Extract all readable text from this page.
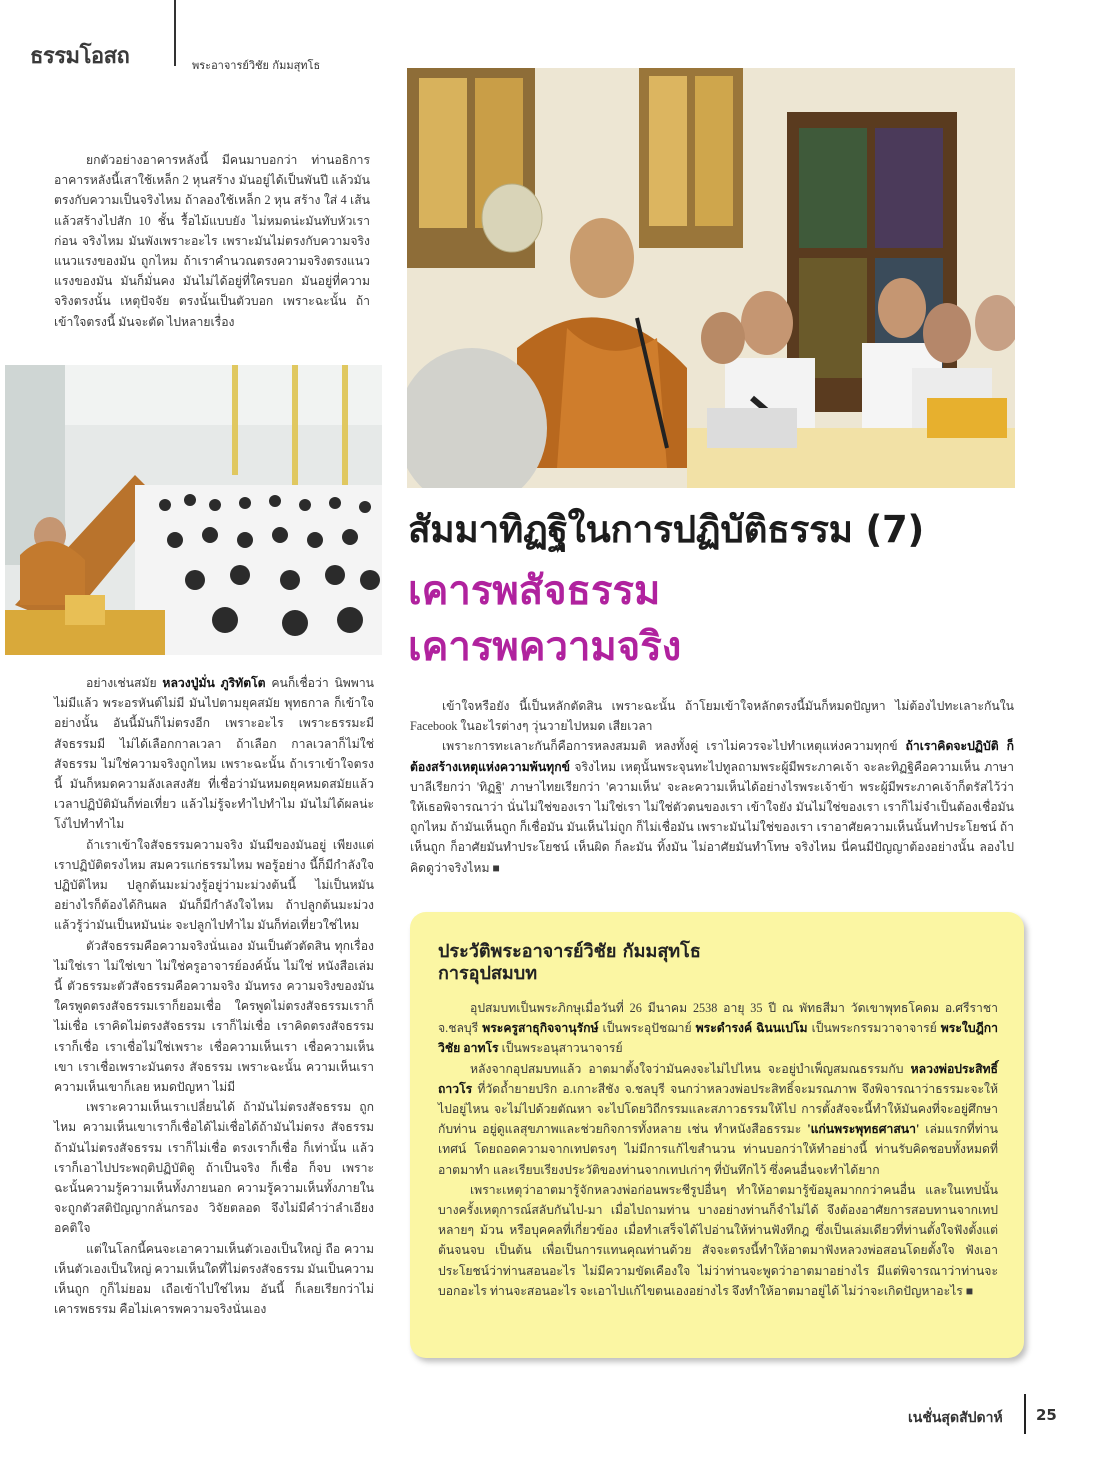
ธรรมโอสถ	พระอาจารย์วิชัย กัมมสุทโธ

ยกตัวอย่างอาคารหลังนี้ มีคนมาบอกว่า ท่านอธิการ อาคารหลังนี้เสาใช้เหล็ก 2 หุนสร้าง มันอยู่ได้เป็นพันปี แล้วมันตรงกับความเป็นจริงไหม ถ้าลองใช้เหล็ก 2 หุน สร้าง ใส่ 4 เส้น แล้วสร้างไปสัก 10 ชั้น รื้อไม้แบบยัง ไม่หมดน่ะมันทับหัวเราก่อน จริงไหม มันพังเพราะอะไร เพราะมันไม่ตรงกับความจริงแนวแรงของมัน ถูกไหม ถ้าเราคำนวณตรงความจริงตรงแนวแรงของมัน มันก็มั่นคง มันไม่ได้อยู่ที่ใครบอก มันอยู่ที่ความจริงตรงนั้น เหตุปัจจัย ตรงนั้นเป็นตัวบอก เพราะฉะนั้น ถ้าเข้าใจตรงนี้ มันจะตัด ไปหลายเรื่อง

สัมมาทิฏฐิในการปฏิบัติธรรม (7)
เคารพสัจธรรม
เคารพความจริง

อย่างเช่นสมัย หลวงปู่มั่น ภูริทัตโต คนก็เชื่อว่า นิพพานไม่มีแล้ว พระอรหันต์ไม่มี มันไปตามยุคสมัย พุทธกาล ก็เข้าใจอย่างนั้น อันนี้มันก็ไม่ตรงอีก เพราะอะไร เพราะธรรมะมี สัจธรรมมี ไม่ได้เลือกกาลเวลา ถ้าเลือก กาลเวลาก็ไม่ใช่สัจธรรม ไม่ใช่ความจริงถูกไหม เพราะฉะนั้น ถ้าเราเข้าใจตรงนี้ มันก็หมดความลังเลสงสัย ที่เชื่อว่ามันหมดยุคหมดสมัยแล้ว เวลาปฏิบัติมันก็ท่อเที่ยว แล้วไม่รู้จะทำไปทำไม มันไม่ได้ผลน่ะ โง่ไปทำทำไม

ถ้าเราเข้าใจสัจธรรมความจริง มันมีของมันอยู่ เพียงแต่เราปฏิบัติตรงไหม สมควรแก่ธรรมไหม พอรู้อย่าง นี้ก็มีกำลังใจปฏิบัติไหม ปลูกต้นมะม่วงรู้อยู่ว่ามะม่วงต้นนี้ ไม่เป็นหมัน อย่างไรก็ต้องได้กินผล มันก็มีกำลังใจไหม ถ้าปลูกต้นมะม่วงแล้วรู้ว่ามันเป็นหมันน่ะ จะปลูกไปทำไม มันก็ท่อเที่ยวใช่ไหม

ตัวสัจธรรมคือความจริงนั่นเอง มันเป็นตัวตัดสิน ทุกเรื่อง ไม่ใช่เรา ไม่ใช่เขา ไม่ใช่ครูอาจารย์องค์นั้น ไม่ใช่ หนังสือเล่มนี้ ตัวธรรมะตัวสัจธรรมคือความจริง มันทรง ความจริงของมัน ใครพูดตรงสัจธรรมเราก็ยอมเชื่อ ใครพูดไม่ตรงสัจธรรมเราก็ไม่เชื่อ เราคิดไม่ตรงสัจธรรม เราก็ไม่เชื่อ เราคิดตรงสัจธรรมเราก็เชื่อ เราเชื่อไม่ใช่เพราะ เชื่อความเห็นเรา เชื่อความเห็นเขา เราเชื่อเพราะมันตรง สัจธรรม เพราะฉะนั้น ความเห็นเรา ความเห็นเขาก็เลย หมดปัญหา ไม่มี

เพราะความเห็นเราเปลี่ยนได้ ถ้ามันไม่ตรงสัจธรรม ถูกไหม ความเห็นเขาเราก็เชื่อได้ไม่เชื่อได้ถ้ามันไม่ตรง สัจธรรม ถ้ามันไม่ตรงสัจธรรม เราก็ไม่เชื่อ ตรงเราก็เชื่อ ก็เท่านั้น แล้วเราก็เอาไปประพฤติปฏิบัติดู ถ้าเป็นจริง ก็เชื่อ ก็จบ เพราะฉะนั้นความรู้ความเห็นทั้งภายนอก ความรู้ความเห็นทั้งภายใน จะถูกตัวสติปัญญากลั่นกรอง วิจัยตลอด จึงไม่มีคำว่าลำเอียงอคติใจ

แต่ในโลกนี้คนจะเอาความเห็นตัวเองเป็นใหญ่ ถือ ความเห็นตัวเองเป็นใหญ่ ความเห็นใดที่ไม่ตรงสัจธรรม มันเป็นความเห็นถูก กูก็ไม่ยอม เถือเข้าไปใช่ไหม อันนี้ ก็เลยเรียกว่าไม่เคารพธรรม คือไม่เคารพความจริงนั่นเอง

เข้าใจหรือยัง นี้เป็นหลักตัดสิน เพราะฉะนั้น ถ้าโยมเข้าใจหลักตรงนี้มันก็หมดปัญหา ไม่ต้องไปทะเลาะกันใน Facebook ในอะไรต่างๆ วุ่นวายไปหมด เสียเวลา

เพราะการทะเลาะกันก็คือการหลงสมมติ หลงทั้งคู่ เราไม่ควรจะไปทำเหตุแห่งความทุกข์ ถ้าเราคิดจะปฏิบัติ ก็ต้องสร้างเหตุแห่งความพ้นทุกข์ จริงไหม เหตุนั้นพระจุนทะไปทูลถามพระผู้มีพระภาคเจ้า จะละทิฏฐิคือความเห็น ภาษาบาลีเรียกว่า 'ทิฏฐิ' ภาษาไทยเรียกว่า 'ความเห็น' จะละความเห็นได้อย่างไรพระเจ้าข้า พระผู้มีพระภาคเจ้าก็ตรัสไว้ว่า ให้เธอพิจารณาว่า นั่นไม่ใช่ของเรา ไม่ใช่เรา ไม่ใช่ตัวตนของเรา เข้าใจยัง มันไม่ใช่ของเรา เราก็ไม่จำเป็นต้องเชื่อมัน ถูกไหม ถ้ามันเห็นถูก ก็เชื่อมัน มันเห็นไม่ถูก ก็ไม่เชื่อมัน เพราะมันไม่ใช่ของเรา เราอาศัยความเห็นนั้นทำประโยชน์ ถ้าเห็นถูก ก็อาศัยมันทำประโยชน์ เห็นผิด ก็ละมัน ทิ้งมัน ไม่อาศัยมันทำโทษ จริงไหม นี่คนมีปัญญาต้องอย่างนั้น ลองไปคิดดูว่าจริงไหม ■

ประวัติพระอาจารย์วิชัย กัมมสุทโธ
การอุปสมบท

อุปสมบทเป็นพระภิกษุเมื่อวันที่ 26 มีนาคม 2538 อายุ 35 ปี ณ พัทธสีมา วัดเขาพุทธโคดม อ.ศรีราชา จ.ชลบุรี พระครูสาธุกิจจานุรักษ์ เป็นพระอุปัชฌาย์ พระดำรงค์ ฉินนเปโม เป็นพระกรรมวาจาจารย์ พระใบฎีกาวิชัย อาทโร เป็นพระอนุสาวนาจารย์

หลังจากอุปสมบทแล้ว อาตมาตั้งใจว่ามันคงจะไม่ไปไหน จะอยู่บำเพ็ญสมณธรรมกับ หลวงพ่อประสิทธิ์ ถาวโร ที่วัดถ้ำยายปริก อ.เกาะสีชัง จ.ชลบุรี จนกว่าหลวงพ่อประสิทธิ์จะมรณภาพ จึงพิจารณาว่าธรรมะจะให้ไปอยู่ไหน จะไม่ไปด้วยตัณหา จะไปโดยวิถีกรรมและสภาวธรรมให้ไป การตั้งสัจจะนี้ทำให้มันคงที่จะอยู่ศึกษากับท่าน อยู่ดูแลสุขภาพและช่วยกิจการทั้งหลาย เช่น ทำหนังสือธรรมะ 'แก่นพระพุทธศาสนา' เล่มแรกที่ท่านเทศน์ โดยถอดความจากเทปตรงๆ ไม่มีการแก้ไขสำนวน ท่านบอกว่าให้ทำอย่างนี้ ท่านรับคิดชอบทั้งหมดที่อาตมาทำ และเรียบเรียงประวัติของท่านจากเทปเก่าๆ ที่บันทึกไว้ ซึ่งคนอื่นจะทำได้ยาก

เพราะเหตุว่าอาตมารู้จักหลวงพ่อก่อนพระชีรูปอื่นๆ ทำให้อาตมารู้ข้อมูลมากกว่าคนอื่น และในเทปนั้นบางครั้งเหตุการณ์สลับกันไป-มา เมื่อไปถามท่าน บางอย่างท่านก็จำไม่ได้ จึงต้องอาศัยการสอบทานจากเทปหลายๆ ม้วน หรือบุคคลที่เกี่ยวข้อง เมื่อทำเสร็จได้ไปอ่านให้ท่านฟังทีกฎ ซึ่งเป็นเล่มเดียวที่ท่านตั้งใจฟังตั้งแต่ต้นจนจบ เป็นต้น เพื่อเป็นการแทนคุณท่านด้วย สัจจะตรงนี้ทำให้อาตมาฟังหลวงพ่อสอนโดยตั้งใจ ฟังเอาประโยชน์ว่าท่านสอนอะไร ไม่มีความขัดเคืองใจ ไม่ว่าท่านจะพูดว่าอาตมาอย่างไร มีแต่พิจารณาว่าท่านจะบอกอะไร ท่านจะสอนอะไร จะเอาไปแก้ไขตนเองอย่างไร จึงทำให้อาตมาอยู่ได้ ไม่ว่าจะเกิดปัญหาอะไร ■

เนชั่นสุดสัปดาห์ 25
